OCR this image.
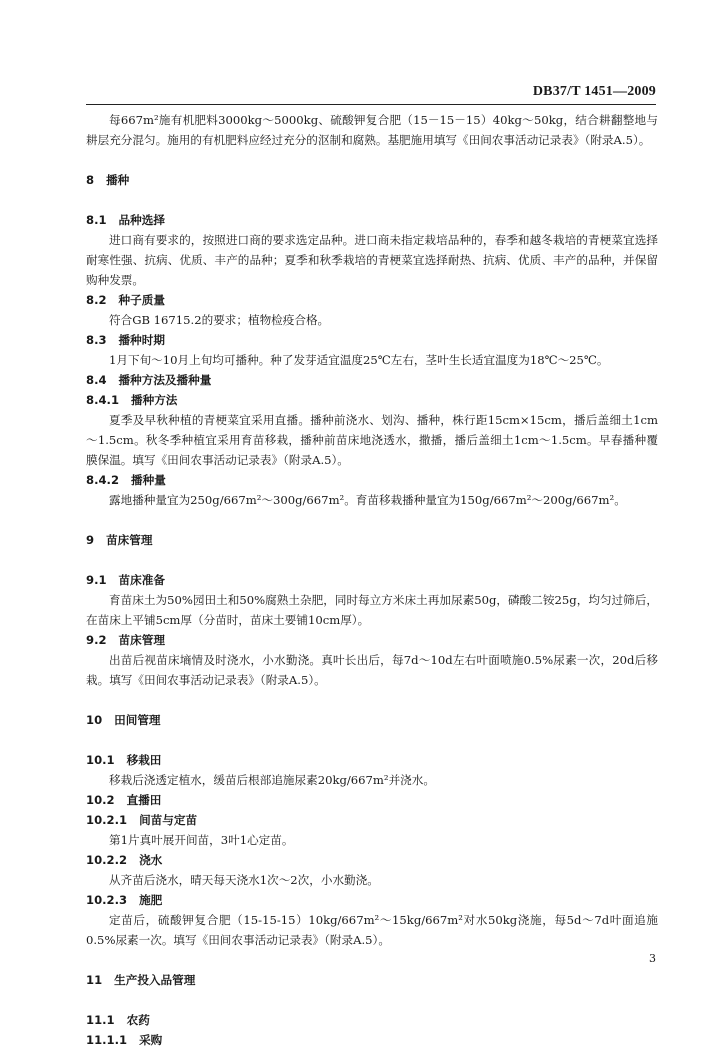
DB37/T 1451—2009

每667m²施有机肥料3000kg～5000kg、硫酸钾复合肥（15－15－15）40kg～50kg，结合耕翻整地与耕层充分混匀。施用的有机肥料应经过充分的沤制和腐熟。基肥施用填写《田间农事活动记录表》（附录A.5）。

8 播种
8.1 品种选择

进口商有要求的，按照进口商的要求选定品种。进口商未指定栽培品种的，春季和越冬栽培的青梗菜宜选择耐寒性强、抗病、优质、丰产的品种；夏季和秋季栽培的青梗菜宜选择耐热、抗病、优质、丰产的品种，并保留购种发票。

8.2 种子质量

符合GB 16715.2的要求；植物检疫合格。

8.3 播种时期

1月下旬～10月上旬均可播种。种了发芽适宜温度25℃左右，茎叶生长适宜温度为18℃～25℃。

8.4 播种方法及播种量
8.4.1 播种方法

夏季及早秋种植的青梗菜宜采用直播。播种前浇水、划沟、播种，株行距15cm×15cm，播后盖细土1cm～1.5cm。秋冬季种植宜采用育苗移栽，播种前苗床地浇透水，撒播，播后盖细土1cm～1.5cm。早春播种覆膜保温。填写《田间农事活动记录表》（附录A.5）。

8.4.2 播种量

露地播种量宜为250g/667m²～300g/667m²。育苗移栽播种量宜为150g/667m²～200g/667m²。

9 苗床管理
9.1 苗床准备

育苗床土为50%园田土和50%腐熟土杂肥，同时每立方米床土再加尿素50g，磷酸二铵25g，均匀过筛后，在苗床上平铺5cm厚（分苗时，苗床土要铺10cm厚）。

9.2 苗床管理

出苗后视苗床墒情及时浇水，小水勤浇。真叶长出后，每7d～10d左右叶面喷施0.5%尿素一次，20d后移栽。填写《田间农事活动记录表》（附录A.5）。

10 田间管理
10.1 移栽田

移栽后浇透定植水，缓苗后根部追施尿素20kg/667m²并浇水。

10.2 直播田
10.2.1 间苗与定苗

第1片真叶展开间苗，3叶1心定苗。

10.2.2 浇水

从齐苗后浇水，晴天每天浇水1次～2次，小水勤浇。

10.2.3 施肥

定苗后，硫酸钾复合肥（15-15-15）10kg/667m²～15kg/667m²对水50kg浇施，每5d～7d叶面追施0.5%尿素一次。填写《田间农事活动记录表》（附录A.5）。

11 生产投入品管理
11.1 农药
11.1.1 采购
3
